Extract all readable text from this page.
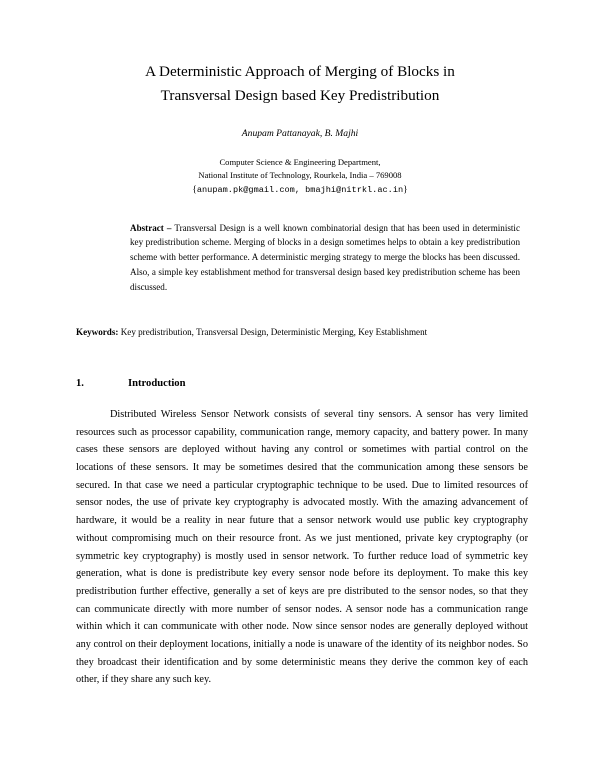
A Deterministic Approach of Merging of Blocks in
Transversal Design based Key Predistribution
Anupam Pattanayak, B. Majhi
Computer Science & Engineering Department,
National Institute of Technology, Rourkela, India – 769008
{anupam.pk@gmail.com, bmajhi@nitrkl.ac.in}
Abstract – Transversal Design is a well known combinatorial design that has been used in deterministic key predistribution scheme. Merging of blocks in a design sometimes helps to obtain a key predistribution scheme with better performance. A deterministic merging strategy to merge the blocks has been discussed. Also, a simple key establishment method for transversal design based key predistribution scheme has been discussed.
Keywords: Key predistribution, Transversal Design, Deterministic Merging, Key Establishment
1.	Introduction
Distributed Wireless Sensor Network consists of several tiny sensors. A sensor has very limited resources such as processor capability, communication range, memory capacity, and battery power. In many cases these sensors are deployed without having any control or sometimes with partial control on the locations of these sensors. It may be sometimes desired that the communication among these sensors be secured. In that case we need a particular cryptographic technique to be used. Due to limited resources of sensor nodes, the use of private key cryptography is advocated mostly. With the amazing advancement of hardware, it would be a reality in near future that a sensor network would use public key cryptography without compromising much on their resource front. As we just mentioned, private key cryptography (or symmetric key cryptography) is mostly used in sensor network. To further reduce load of symmetric key generation, what is done is predistribute key every sensor node before its deployment. To make this key predistribution further effective, generally a set of keys are pre distributed to the sensor nodes, so that they can communicate directly with more number of sensor nodes. A sensor node has a communication range within which it can communicate with other node. Now since sensor nodes are generally deployed without any control on their deployment locations, initially a node is unaware of the identity of its neighbor nodes. So they broadcast their identification and by some deterministic means they derive the common key of each other, if they share any such key.
